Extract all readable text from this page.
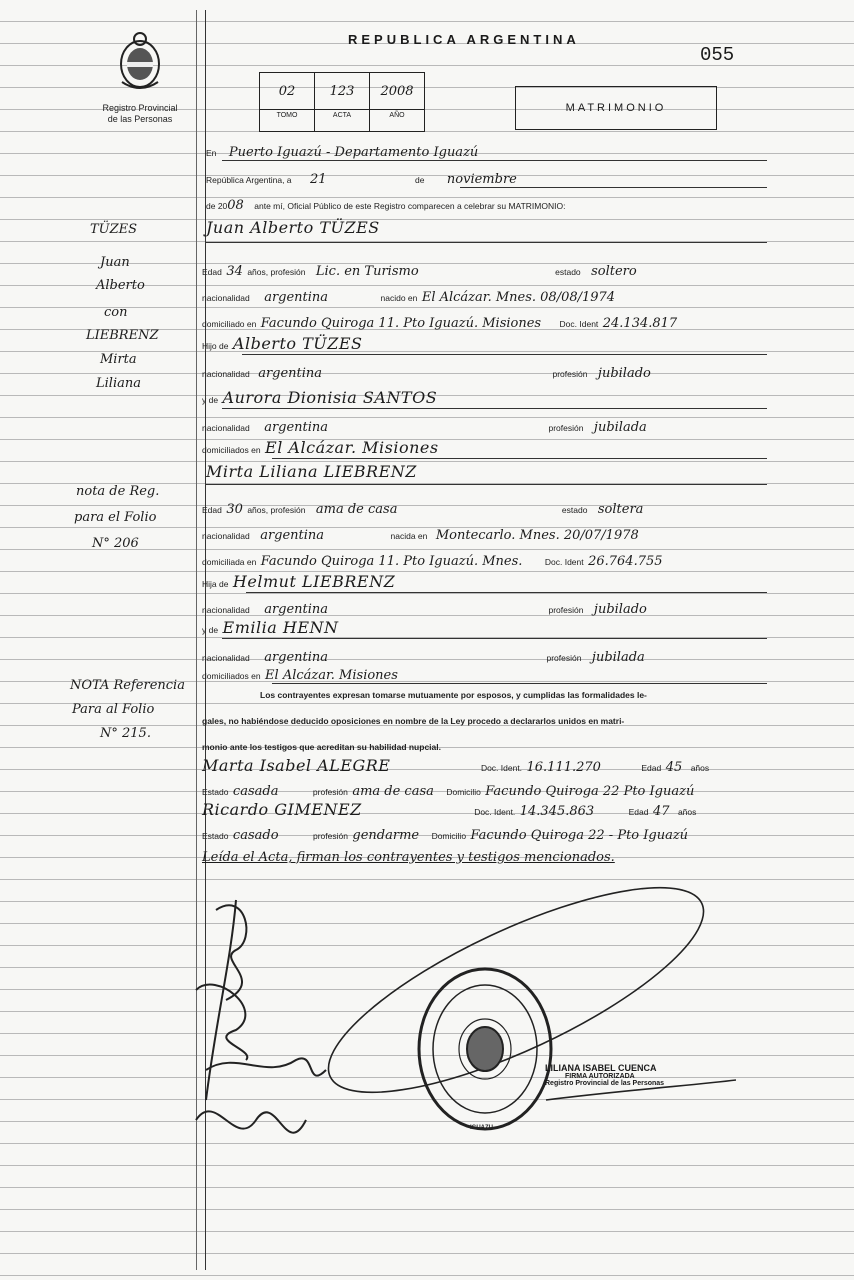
Registro Provincial
de las Personas
REPUBLICA ARGENTINA
055
02
TOMO
123
ACTA
2008
AÑO
MATRIMONIO
TÜZES
Juan
Alberto
con
LIEBRENZ
Mirta
Liliana
nota de Reg.
para el Folio
N° 206
NOTA Referencia
Para al Folio
N° 215.
En Puerto Iguazú - Departamento Iguazú
República Argentina, a 21	de noviembre
de 2008 ante mí, Oficial Público de este Registro comparecen a celebrar su MATRIMONIO:
Juan Alberto TÜZES
Edad 34 años, profesión Lic. en Turismo	estado soltero
nacionalidad argentina	nacido en El Alcázar. Mnes. 08/08/1974
domiciliado en Facundo Quiroga 11. Pto Iguazú. Misiones Doc. Ident 24.134.817
Hijo de Alberto TÜZES
nacionalidad argentina	profesión jubilado
y de Aurora Dionisia SANTOS
nacionalidad argentina	profesión jubilada
domiciliados en El Alcázar. Misiones
Mirta Liliana LIEBRENZ
Edad 30 años, profesión ama de casa	estado soltera
nacionalidad argentina	nacida en Montecarlo. Mnes. 20/07/1978
domiciliada en Facundo Quiroga 11. Pto Iguazú. Mnes.	Doc. Ident 26.764.755
Hija de Helmut LIEBRENZ
nacionalidad argentina	profesión jubilado
y de Emilia HENN
nacionalidad argentina	profesión jubilada
domiciliados en El Alcázar. Misiones
Los contrayentes expresan tomarse mutuamente por esposos, y cumplidas las formalidades le-
gales, no habiéndose deducido oposiciones en nombre de la Ley procedo a declararlos unidos en matri-
monio ante los testigos que acreditan su habilidad nupcial.
Marta Isabel ALEGRE	Doc. Ident. 16.111.270	Edad 45 años
Estado casada	profesión ama de casa Domicilio Facundo Quiroga 22 Pto Iguazú
Ricardo GIMENEZ	Doc. Ident. 14.345.863	Edad 47 años
Estado casado	profesión gendarme Domicilio Facundo Quiroga 22 - Pto Iguazú
Leída el Acta, firman los contrayentes y testigos mencionados.
IGUAZU
LILIANA ISABEL CUENCA
FIRMA AUTORIZADA
Registro Provincial de las Personas
